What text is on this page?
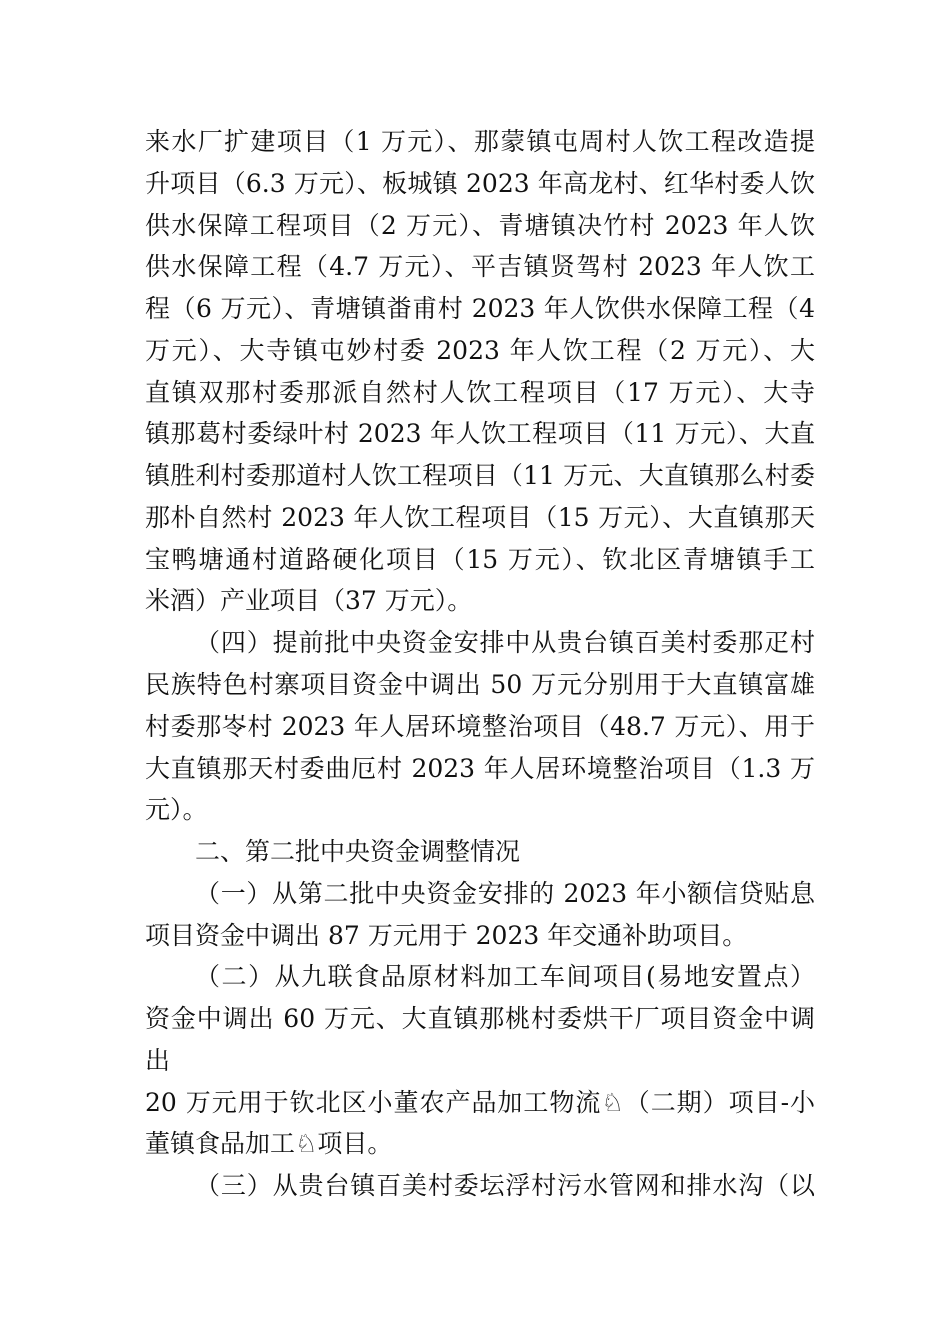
来水厂扩建项目（1 万元）、那蒙镇屯周村人饮工程改造提
升项目（6.3 万元）、板城镇 2023 年高龙村、红华村委人饮
供水保障工程项目（2 万元）、青塘镇决竹村 2023 年人饮
供水保障工程（4.7 万元）、平吉镇贤驾村 2023 年人饮工
程（6 万元）、青塘镇畨甫村 2023 年人饮供水保障工程（4
万元）、大寺镇屯妙村委 2023 年人饮工程（2 万元）、大
直镇双那村委那派自然村人饮工程项目（17 万元）、大寺
镇那葛村委绿叶村 2023 年人饮工程项目（11 万元）、大直
镇胜利村委那道村人饮工程项目（11 万元、大直镇那么村委
那朴自然村 2023 年人饮工程项目（15 万元）、大直镇那天
宝鸭塘通村道路硬化项目（15 万元）、钦北区青塘镇手工
米酒）产业项目（37 万元）。
（四）提前批中央资金安排中从贵台镇百美村委那疋村
民族特色村寨项目资金中调出 50 万元分别用于大直镇富雄
村委那岺村 2023 年人居环境整治项目（48.7 万元）、用于
大直镇那天村委曲厄村 2023 年人居环境整治项目（1.3 万
元）。
二、第二批中央资金调整情况
（一）从第二批中央资金安排的 2023 年小额信贷贴息
项目资金中调出 87 万元用于 2023 年交通补助项目。
（二）从九联食品原材料加工车间项目(易地安置点）
资金中调出 60 万元、大直镇那桃村委烘干厂项目资金中调
出
20 万元用于钦北区小董农产品加工物流♘（二期）项目-小
董镇食品加工♘项目。
（三）从贵台镇百美村委坛浮村污水管网和排水沟（以
